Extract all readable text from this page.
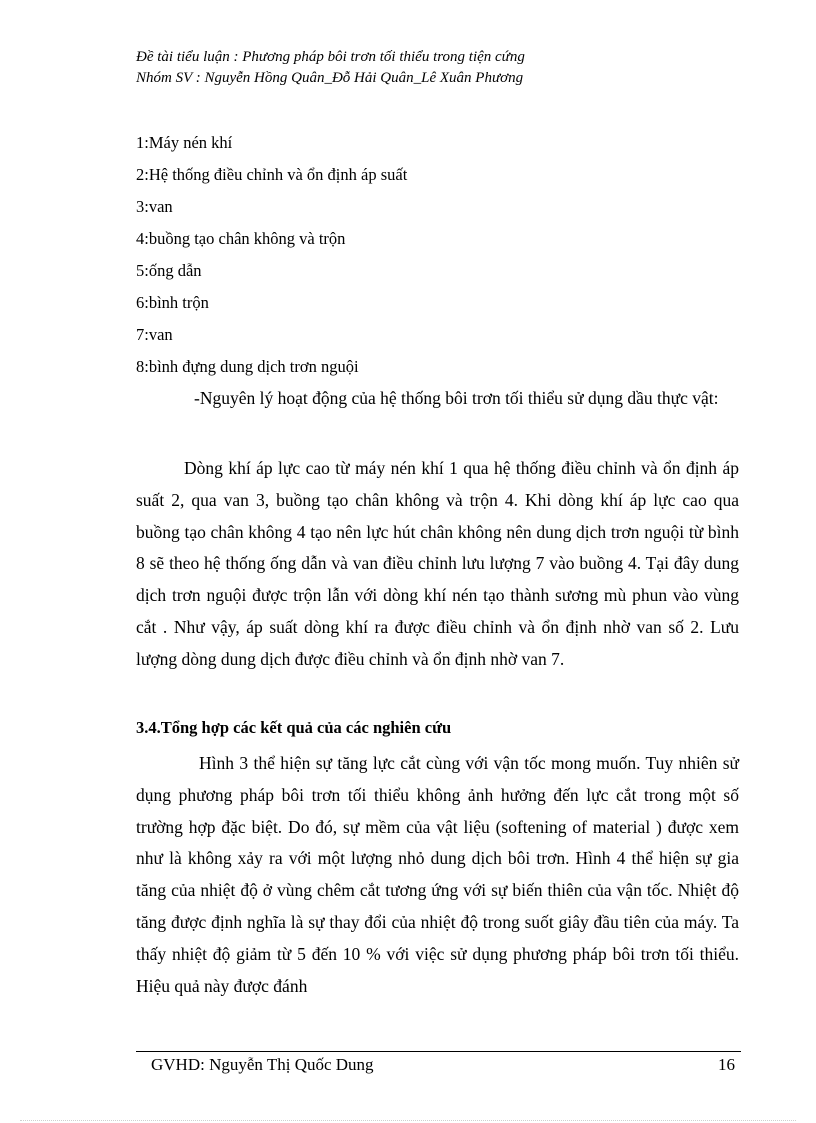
Đề tài tiểu luận : Phương pháp bôi trơn tối thiểu trong tiện cứng
Nhóm SV : Nguyễn Hồng Quân_Đỗ Hải Quân_Lê Xuân Phương
1:Máy nén khí
2:Hệ thống điều chỉnh và ổn định áp suất
3:van
4:buồng tạo chân không và trộn
5:ống dẫn
6:bình trộn
7:van
8:bình đựng dung dịch trơn nguội
-Nguyên lý hoạt động của hệ thống bôi trơn tối thiểu sử dụng dầu thực vật:
Dòng khí áp lực cao từ máy nén khí 1 qua hệ thống điều chỉnh và ổn định áp suất 2, qua van 3, buồng tạo chân không và trộn 4. Khi dòng khí áp lực cao qua buồng tạo chân không 4 tạo nên lực hút chân không nên dung dịch trơn nguội từ bình 8 sẽ theo hệ thống ống dẫn và van điều chỉnh lưu lượng 7 vào buồng 4. Tại đây dung dịch trơn nguội được trộn lẫn với dòng khí nén tạo thành sương mù phun vào vùng cắt . Như vậy, áp suất dòng khí ra được điều chỉnh và ổn định nhờ van số 2. Lưu lượng dòng dung dịch được điều chỉnh và ổn định nhờ van 7.
3.4.Tổng hợp các kết quả của các nghiên cứu
Hình 3 thể hiện sự tăng lực cắt cùng với vận tốc mong muốn. Tuy nhiên sử dụng phương pháp bôi trơn tối thiểu không ảnh hưởng đến lực cắt trong một số trường hợp đặc biệt. Do đó, sự mềm của vật liệu (softening of material ) được xem như là không xảy ra với một lượng nhỏ dung dịch bôi trơn. Hình 4 thể hiện sự gia tăng của nhiệt độ ở vùng chêm cắt tương ứng với sự biến thiên của vận tốc. Nhiệt độ tăng được định nghĩa là sự thay đổi của nhiệt độ trong suốt giây đầu tiên của máy. Ta thấy nhiệt độ giảm từ 5 đến 10 % với việc sử dụng phương pháp bôi trơn tối thiểu. Hiệu quả này được đánh
GVHD: Nguyễn Thị Quốc Dung	16
